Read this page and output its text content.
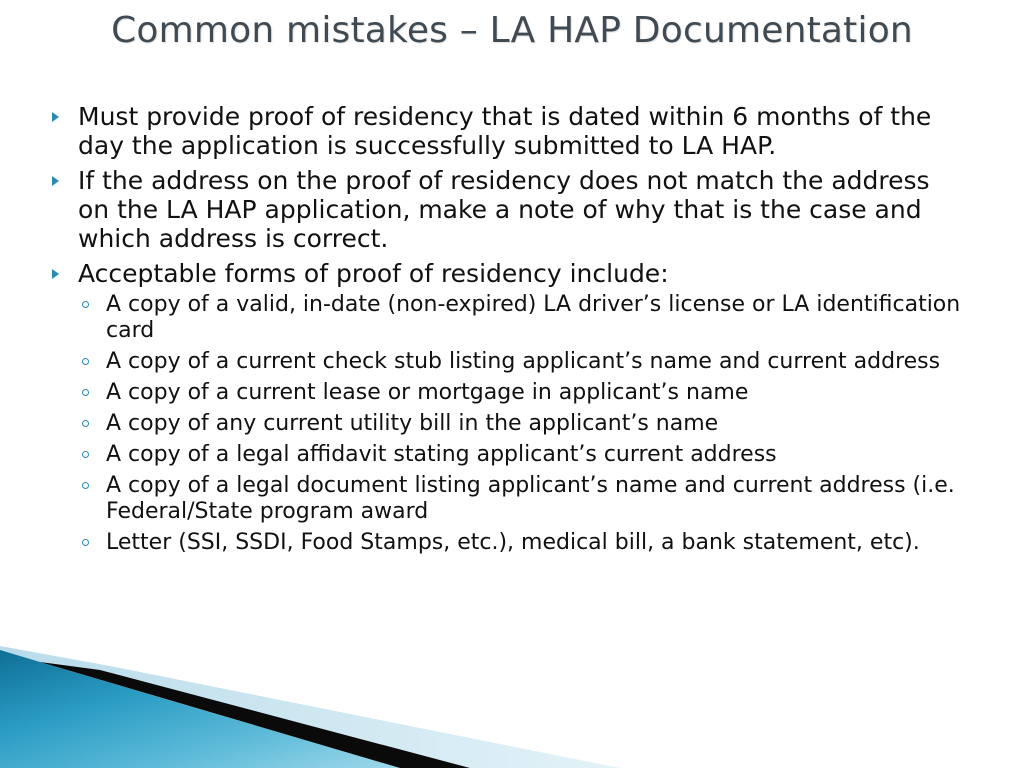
Common mistakes – LA HAP Documentation
Must provide proof of residency that is dated within 6 months of the day the application is successfully submitted to LA HAP.
If the address on the proof of residency does not match the address on the LA HAP application, make a note of why that is the case and which address is correct.
Acceptable forms of proof of residency include:
A copy of a valid, in-date (non-expired) LA driver’s license or LA identification card
A copy of a current check stub listing applicant’s name and current address
A copy of a current lease or mortgage in applicant’s name
A copy of any current utility bill in the applicant’s name
A copy of a legal affidavit stating applicant’s current address
A copy of a legal document listing applicant’s name and current address (i.e. Federal/State program award
Letter (SSI, SSDI, Food Stamps, etc.), medical bill, a bank statement, etc).
